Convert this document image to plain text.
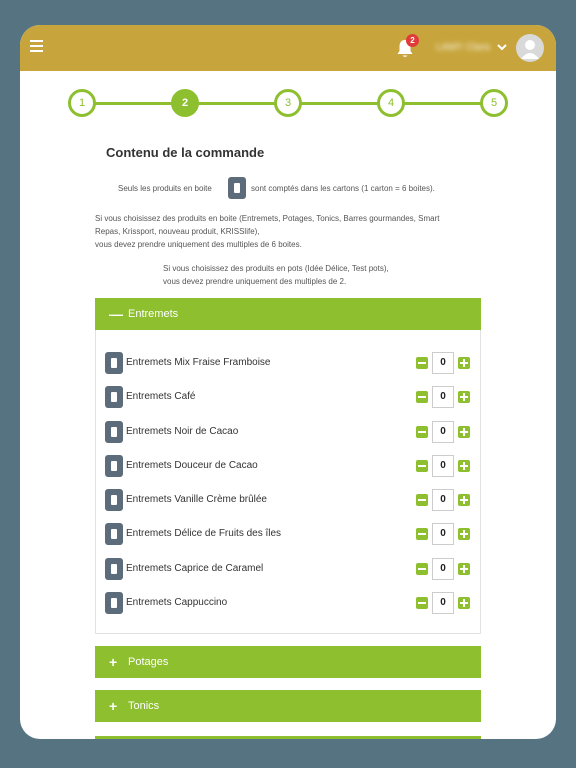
2
LAMY Clara
1	2	3	4	5
Contenu de la commande
Seuls les produits en boite	sont comptés dans les cartons (1 carton = 6 boites).
Si vous choisissez des produits en boite (Entremets, Potages, Tonics, Barres gourmandes, Smart
Repas, Krissport, nouveau produit, KRISSlife),
vous devez prendre uniquement des multiples de 6 boites.
Si vous choisissez des produits en pots (Idée Délice, Test pots),
vous devez prendre uniquement des multiples de 2.
— Entremets
Entremets Mix Fraise Framboise	0
Entremets Café	0
Entremets Noir de Cacao	0
Entremets Douceur de Cacao	0
Entremets Vanille Crème brûlée	0
Entremets Délice de Fruits des îles	0
Entremets Caprice de Caramel	0
Entremets Cappuccino	0
+ Potages
+ Tonics
